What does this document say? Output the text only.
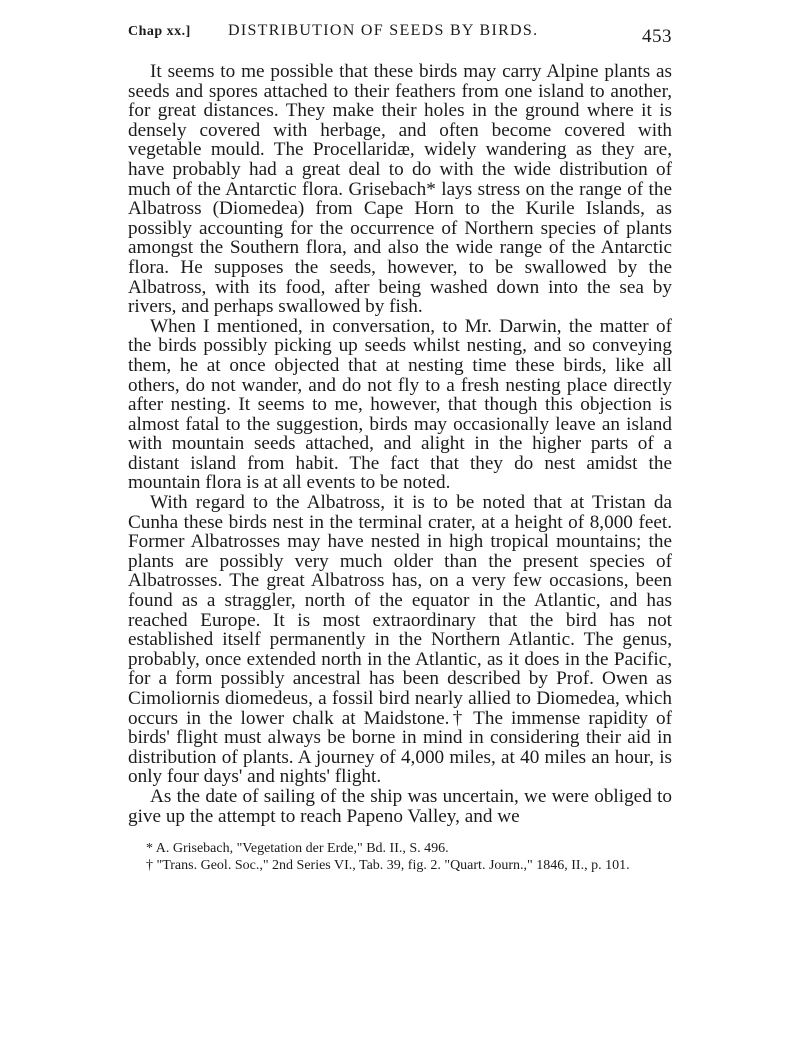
Chap xx.] DISTRIBUTION OF SEEDS BY BIRDS.	453

It seems to me possible that these birds may carry Alpine plants as seeds and spores attached to their feathers from one island to another, for great distances. They make their holes in the ground where it is densely covered with herbage, and often become covered with vegetable mould. The Procellaridæ, widely wandering as they are, have probably had a great deal to do with the wide distribution of much of the Antarctic flora. Grisebach* lays stress on the range of the Albatross (Diomedea) from Cape Horn to the Kurile Islands, as possibly accounting for the occurrence of Northern species of plants amongst the Southern flora, and also the wide range of the Antarctic flora. He supposes the seeds, however, to be swallowed by the Albatross, with its food, after being washed down into the sea by rivers, and perhaps swallowed by fish.

When I mentioned, in conversation, to Mr. Darwin, the matter of the birds possibly picking up seeds whilst nesting, and so conveying them, he at once objected that at nesting time these birds, like all others, do not wander, and do not fly to a fresh nesting place directly after nesting. It seems to me, however, that though this objection is almost fatal to the suggestion, birds may occasionally leave an island with mountain seeds attached, and alight in the higher parts of a distant island from habit. The fact that they do nest amidst the mountain flora is at all events to be noted.

With regard to the Albatross, it is to be noted that at Tristan da Cunha these birds nest in the terminal crater, at a height of 8,000 feet. Former Albatrosses may have nested in high tropical mountains; the plants are possibly very much older than the present species of Albatrosses. The great Albatross has, on a very few occasions, been found as a straggler, north of the equator in the Atlantic, and has reached Europe. It is most extraordinary that the bird has not established itself permanently in the Northern Atlantic. The genus, probably, once extended north in the Atlantic, as it does in the Pacific, for a form possibly ancestral has been described by Prof. Owen as Cimoliornis diomedeus, a fossil bird nearly allied to Diomedea, which occurs in the lower chalk at Maidstone.† The immense rapidity of birds' flight must always be borne in mind in considering their aid in distribution of plants. A journey of 4,000 miles, at 40 miles an hour, is only four days' and nights' flight.

As the date of sailing of the ship was uncertain, we were obliged to give up the attempt to reach Papeno Valley, and we

* A. Grisebach, "Vegetation der Erde," Bd. II., S. 496.

† "Trans. Geol. Soc.," 2nd Series VI., Tab. 39, fig. 2. "Quart. Journ.," 1846, II., p. 101.
